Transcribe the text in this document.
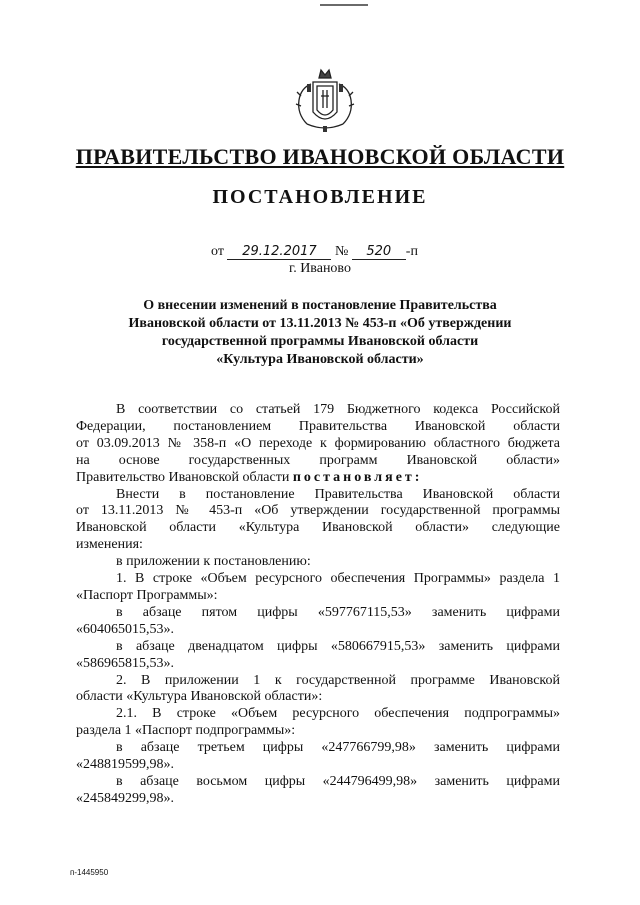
ПРАВИТЕЛЬСТВО ИВАНОВСКОЙ ОБЛАСТИ
ПОСТАНОВЛЕНИЕ
от 29.12.2017 № 520 -п
г. Иваново
О внесении изменений в постановление Правительства
Ивановской области от 13.11.2013 № 453-п «Об утверждении
государственной программы Ивановской области
«Культура Ивановской области»

В соответствии со статьей 179 Бюджетного кодекса Российской

Федерации, постановлением Правительства Ивановской области

от 03.09.2013 № 358-п «О переходе к формированию областного бюджета

на основе государственных программ Ивановской области»

Правительство Ивановской области постановляет:

Внести в постановление Правительства Ивановской области

от 13.11.2013 № 453-п «Об утверждении государственной программы

Ивановской области «Культура Ивановской области» следующие

изменения:

в приложении к постановлению:

1. В строке «Объем ресурсного обеспечения Программы» раздела 1

«Паспорт Программы»:

в абзаце пятом цифры «597767115,53» заменить цифрами

«604065015,53».

в абзаце двенадцатом цифры «580667915,53» заменить цифрами

«586965815,53».

2. В приложении 1 к государственной программе Ивановской

области «Культура Ивановской области»:

2.1. В строке «Объем ресурсного обеспечения подпрограммы»

раздела 1 «Паспорт подпрограммы»:

в абзаце третьем цифры «247766799,98» заменить цифрами

«248819599,98».

в абзаце восьмом цифры «244796499,98» заменить цифрами

«245849299,98».

п-1445950
